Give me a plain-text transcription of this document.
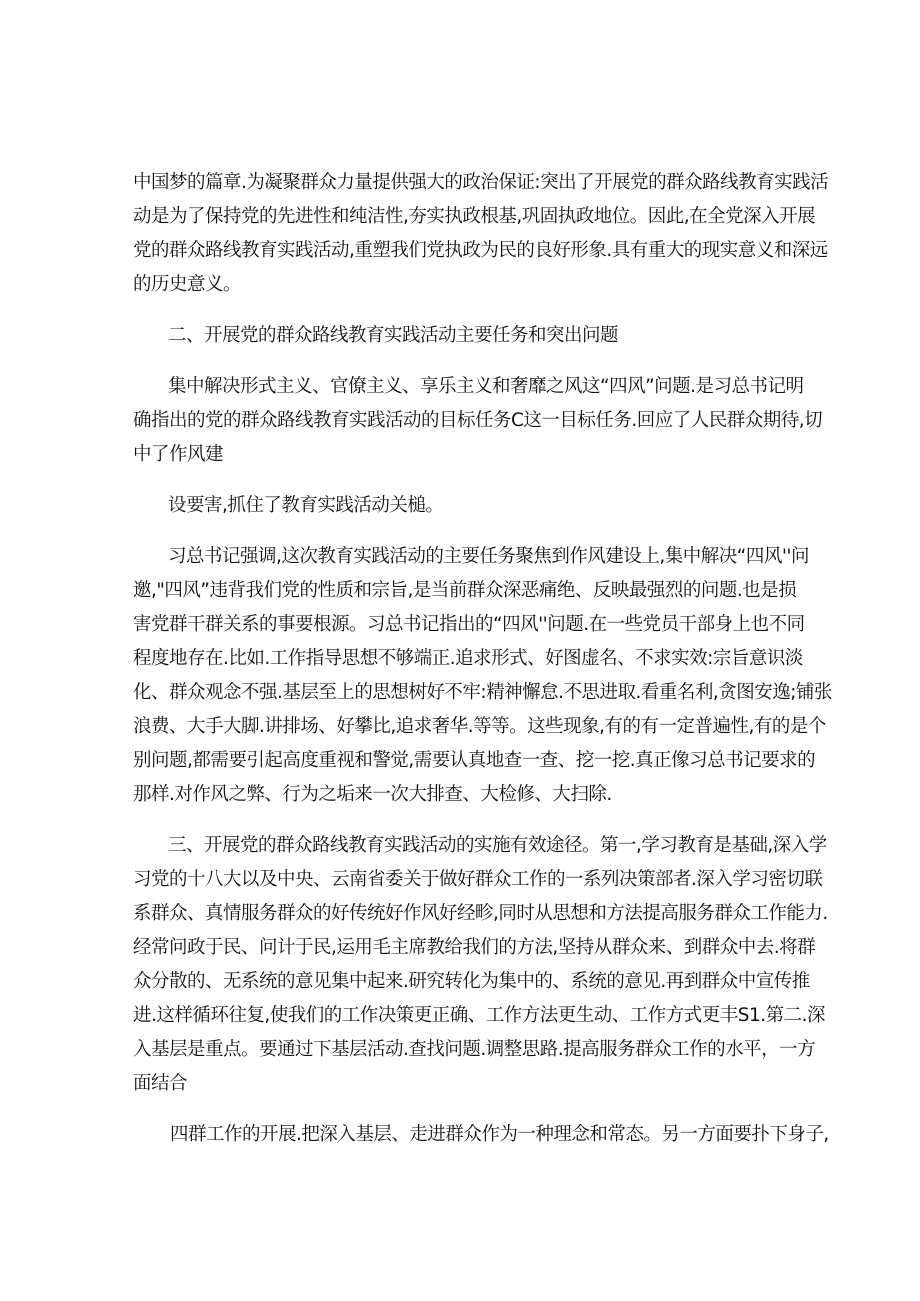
中国梦的篇章.为凝聚群众力量提供强大的政治保证:突出了开展党的群众路线教育实践活
动是为了保持党的先进性和纯洁性,夯实执政根基,巩固执政地位。因此,在全党深入开展
党的群众路线教育实践活动,重塑我们党执政为民的良好形象.具有重大的现实意义和深远
的历史意义。
二、开展党的群众路线教育实践活动主要任务和突出问题
集中解决形式主义、官僚主义、享乐主义和奢靡之风这“四风”问题.是习总书记明
确指出的党的群众路线教育实践活动的目标任务C这一目标任务.回应了人民群众期待,切
中了作风建
设要害,抓住了教育实践活动关槌。
习总书记强调,这次教育实践活动的主要任务聚焦到作风建设上,集中解决“四风''问
邀,"四风”违背我们党的性质和宗旨,是当前群众深恶痛绝、反映最强烈的问题.也是损
害党群干群关系的事要根源。习总书记指出的“四风''问题.在一些党员干部身上也不同
程度地存在.比如.工作指导思想不够端正.追求形式、好图虚名、不求实效:宗旨意识淡
化、群众观念不强.基层至上的思想树好不牢:精神懈怠.不思进取.看重名利,贪图安逸;铺张
浪费、大手大脚.讲排场、好攀比,追求奢华.等等。这些现象,有的有一定普遍性,有的是个
别问题,都需要引起高度重视和警觉,需要认真地查一查、挖一挖.真正像习总书记要求的
那样.对作风之弊、行为之垢来一次大排查、大检修、大扫除.
三、开展党的群众路线教育实践活动的实施有效途径。第一,学习教育是基础,深入学
习党的十八大以及中央、云南省委关于做好群众工作的一系列决策部者.深入学习密切联
系群众、真情服务群众的好传统好作风好经畛,同时从思想和方法提高服务群众工作能力.
经常问政于民、问计于民,运用毛主席教给我们的方法,坚持从群众来、到群众中去.将群
众分散的、无系统的意见集中起来.研究转化为集中的、系统的意见.再到群众中宣传推
进.这样循环往复,使我们的工作决策更正确、工作方法更生动、工作方式更丰S1.第二.深
入基层是重点。要通过下基层活动.查找问题.调整思路.提高服务群众工作的水平，一方
面结合
四群工作的开展.把深入基层、走进群众作为一种理念和常态。另一方面要扑下身子,
